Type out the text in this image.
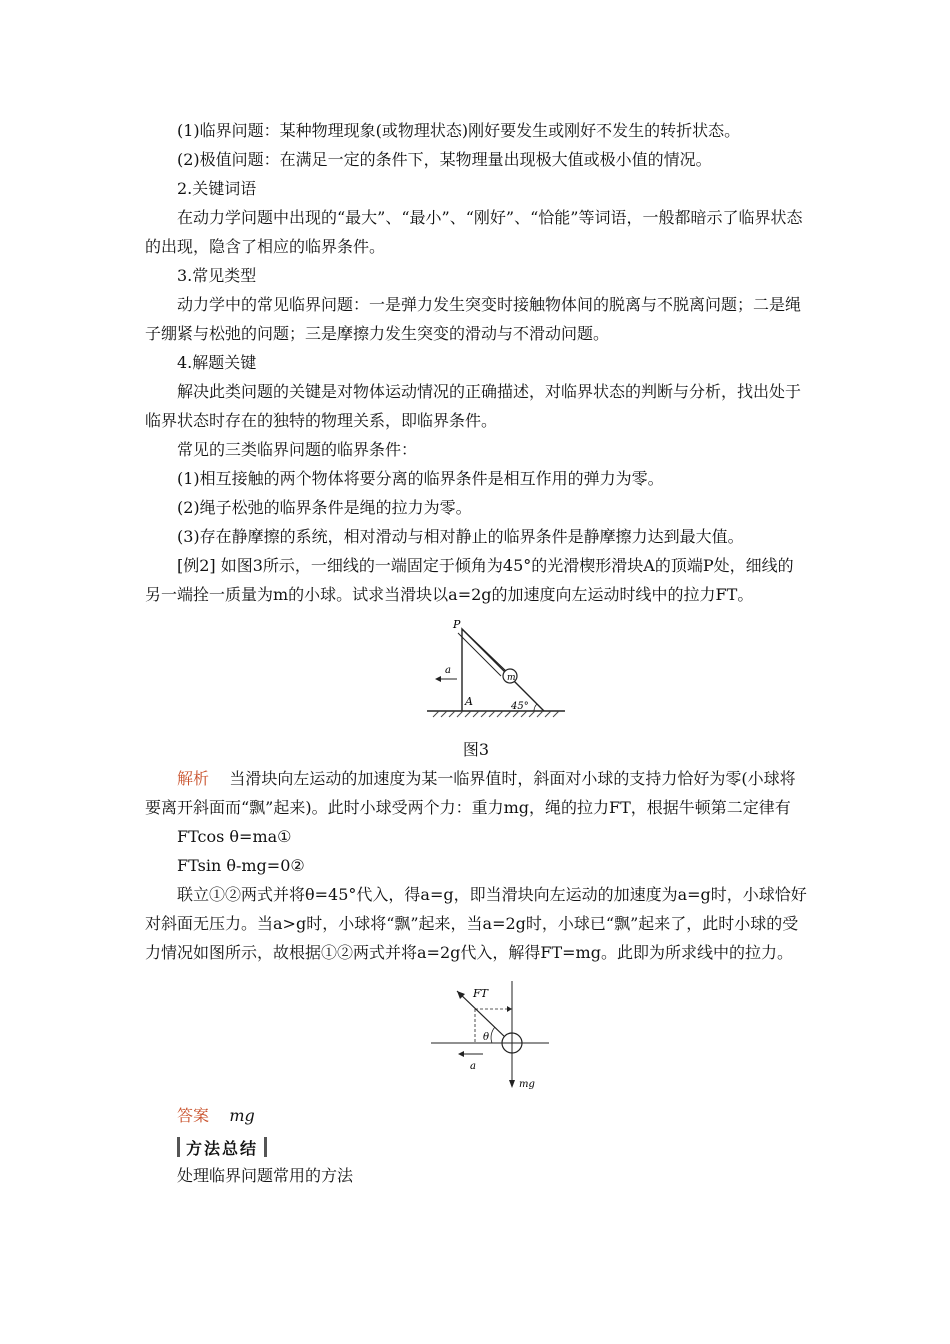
(1)临界问题：某种物理现象(或物理状态)刚好要发生或刚好不发生的转折状态。

(2)极值问题：在满足一定的条件下，某物理量出现极大值或极小值的情况。

2.关键词语

在动力学问题中出现的“最大”、“最小”、“刚好”、“恰能”等词语，一般都暗示了临界状态的出现，隐含了相应的临界条件。

3.常见类型

动力学中的常见临界问题：一是弹力发生突变时接触物体间的脱离与不脱离问题；二是绳子绷紧与松弛的问题；三是摩擦力发生突变的滑动与不滑动问题。

4.解题关键

解决此类问题的关键是对物体运动情况的正确描述，对临界状态的判断与分析，找出处于临界状态时存在的独特的物理关系，即临界条件。

常见的三类临界问题的临界条件：

(1)相互接触的两个物体将要分离的临界条件是相互作用的弹力为零。

(2)绳子松弛的临界条件是绳的拉力为零。

(3)存在静摩擦的系统，相对滑动与相对静止的临界条件是静摩擦力达到最大值。

[例2] 如图3所示，一细线的一端固定于倾角为45°的光滑楔形滑块A的顶端P处，细线的另一端拴一质量为m的小球。试求当滑块以a=2g的加速度向左运动时线中的拉力FT。

P
a
m
A	45°

图3

解析 当滑块向左运动的加速度为某一临界值时，斜面对小球的支持力恰好为零(小球将要离开斜面而“飘”起来)。此时小球受两个力：重力mg，绳的拉力FT，根据牛顿第二定律有

FTcos θ=ma①

FTsin θ-mg=0②

联立①②两式并将θ=45°代入，得a=g，即当滑块向左运动的加速度为a=g时，小球恰好对斜面无压力。当a>g时，小球将“飘”起来，当a=2g时，小球已“飘”起来了，此时小球的受力情况如图所示，故根据①②两式并将a=2g代入，解得FT=mg。此即为所求线中的拉力。

FT
θ
a
mg

答案 mg

方法总结

处理临界问题常用的方法
